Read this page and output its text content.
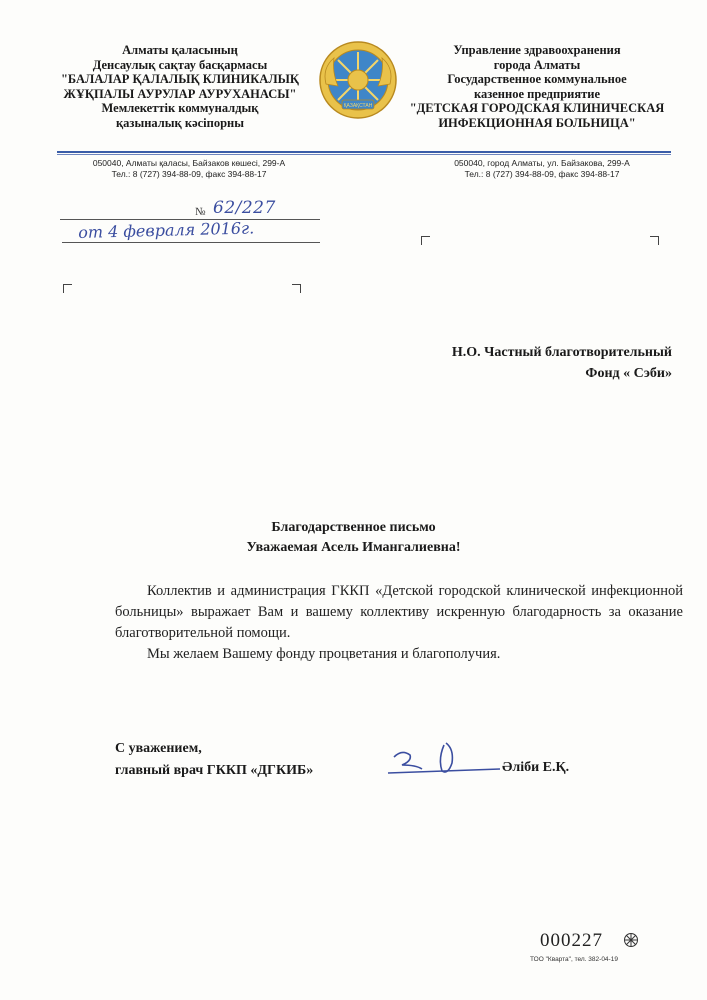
Алматы қаласының
Денсаулық сақтау басқармасы
"БАЛАЛАР ҚАЛАЛЫҚ КЛИНИКАЛЫҚ
ЖҰҚПАЛЫ АУРУЛАР АУРУХАНАСЫ"
Мемлекеттік коммуналдық
қазыналық кәсіпорны
ҚАЗАҚСТАН
Управление здравоохранения
города Алматы
Государственное коммунальное
казенное предприятие
"ДЕТСКАЯ ГОРОДСКАЯ КЛИНИЧЕСКАЯ
ИНФЕКЦИОННАЯ БОЛЬНИЦА"
050040, Алматы қаласы, Байзаков көшесі, 299-А
Тел.: 8 (727) 394-88-09, факс 394-88-17
050040, город Алматы, ул. Байзакова, 299-А
Тел.: 8 (727) 394-88-09, факс 394-88-17
№ 62/227
от 4 февраля 2016г.
Н.О. Частный благотворительный
Фонд « Сэби»
Благодарственное письмо
Уважаемая Асель Имангалиевна!

Коллектив и администрация ГККП «Детской городской клинической инфекционной больницы» выражает Вам и вашему коллективу искренную благодарность за оказание благотворительной помощи.

Мы желаем Вашему фонду процветания и благополучия.

С уважением,
главный врач ГККП «ДГКИБ»	Әліби Е.Қ.
000227
ТОО "Кварта", тел. 382-04-19
